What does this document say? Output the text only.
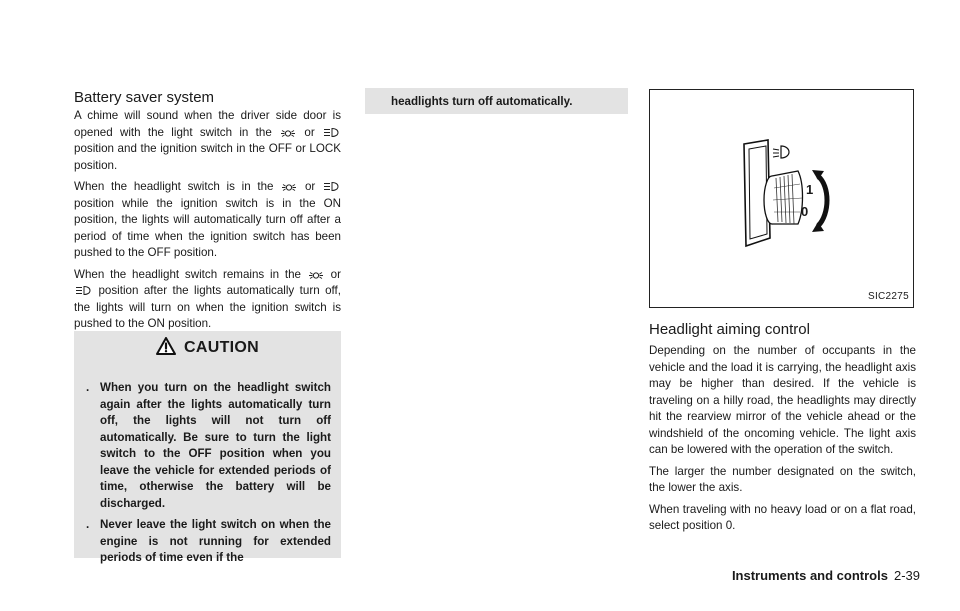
Battery saver system

A chime will sound when the driver side door is opened with the light switch in the	or
position and the ignition switch in the OFF or LOCK position.

When the headlight switch is in the	or
position while the ignition switch is in the ON position, the lights will automatically turn off after a period of time when the ignition switch has been pushed to the OFF position.

When the headlight switch remains in the	or
position after the lights automatically turn off, the lights will turn on when the ignition switch is pushed to the ON position.

CAUTION
. When you turn on the headlight switch again after the lights automatically turn off, the lights will not turn off automatically. Be sure to turn the light switch to the OFF position when you leave the vehicle for extended periods of time, otherwise the battery will be discharged.
. Never leave the light switch on when the engine is not running for extended periods of time even if the
headlights turn off automatically.
1
0
SIC2275
Headlight aiming control

Depending on the number of occupants in the vehicle and the load it is carrying, the headlight axis may be higher than desired. If the vehicle is traveling on a hilly road, the headlights may directly hit the rearview mirror of the vehicle ahead or the windshield of the oncoming vehicle. The light axis can be lowered with the operation of the switch.

The larger the number designated on the switch, the lower the axis.

When traveling with no heavy load or on a flat road, select position 0.

Instruments and controls 2-39
